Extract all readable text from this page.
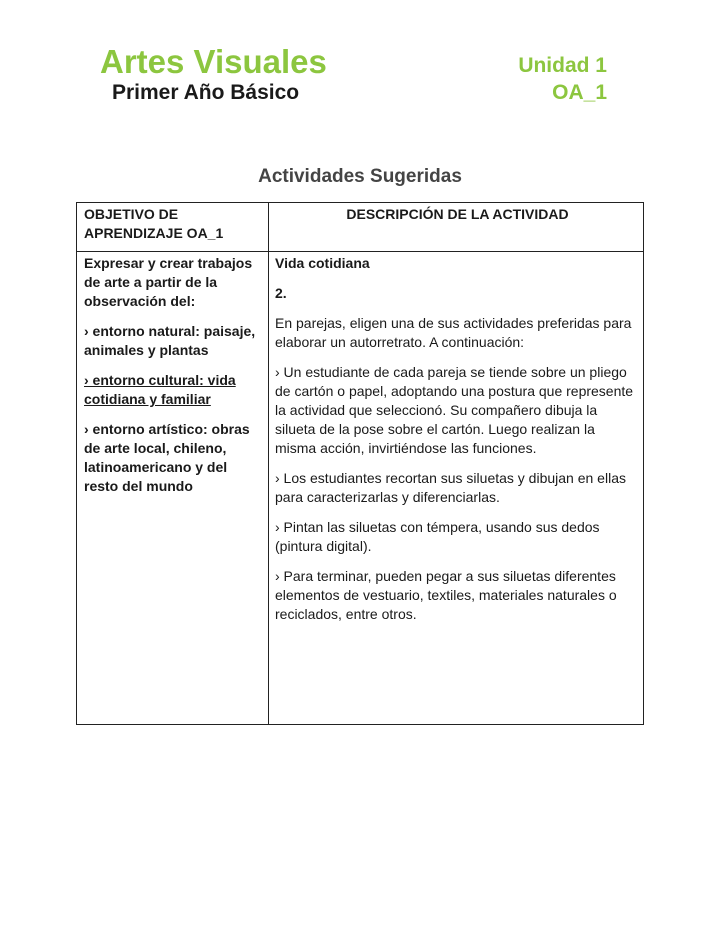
Artes Visuales
Primer Año Básico
Unidad 1
OA_1
Actividades Sugeridas
OBJETIVO DE APRENDIZAJE OA_1
DESCRIPCIÓN DE LA ACTIVIDAD

Expresar y crear trabajos de arte a partir de la observación del:

› entorno natural: paisaje, animales y plantas

› entorno cultural: vida cotidiana y familiar

› entorno artístico: obras de arte local, chileno, latinoamericano y del resto del mundo

Vida cotidiana

2.

En parejas, eligen una de sus actividades preferidas para elaborar un autorretrato. A continuación:

› Un estudiante de cada pareja se tiende sobre un pliego de cartón o papel, adoptando una postura que represente la actividad que seleccionó. Su compañero dibuja la silueta de la pose sobre el cartón. Luego realizan la misma acción, invirtiéndose las funciones.

› Los estudiantes recortan sus siluetas y dibujan en ellas para caracterizarlas y diferenciarlas.

› Pintan las siluetas con témpera, usando sus dedos (pintura digital).

› Para terminar, pueden pegar a sus siluetas diferentes elementos de vestuario, textiles, materiales naturales o reciclados, entre otros.
